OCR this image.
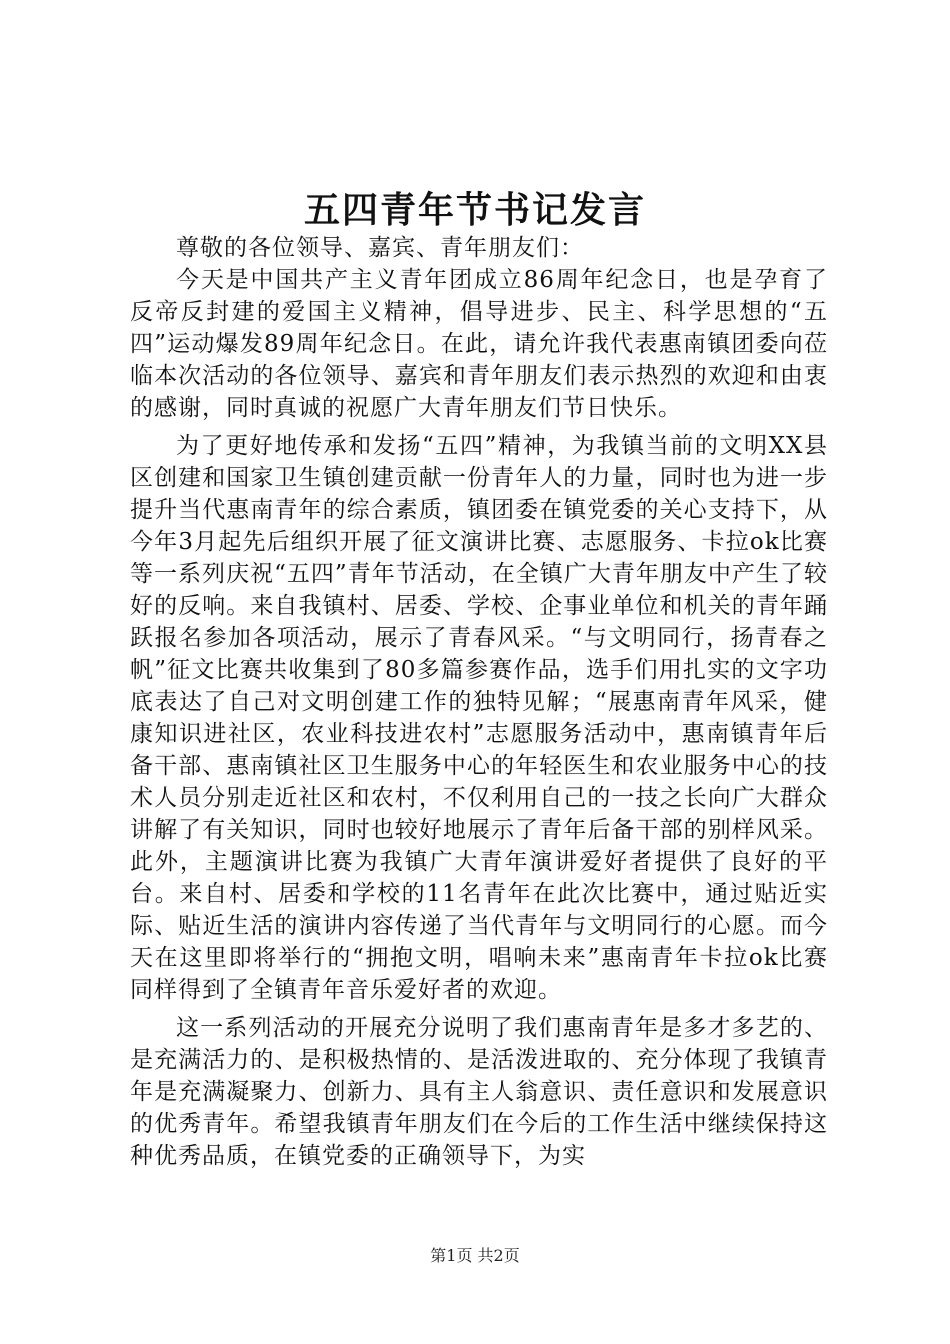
五四青年节书记发言

尊敬的各位领导、嘉宾、青年朋友们：

今天是中国共产主义青年团成立86周年纪念日，也是孕育了反帝反封建的爱国主义精神，倡导进步、民主、科学思想的“五四”运动爆发89周年纪念日。在此，请允许我代表惠南镇团委向莅临本次活动的各位领导、嘉宾和青年朋友们表示热烈的欢迎和由衷的感谢，同时真诚的祝愿广大青年朋友们节日快乐。

为了更好地传承和发扬“五四”精神，为我镇当前的文明XX县区创建和国家卫生镇创建贡献一份青年人的力量，同时也为进一步提升当代惠南青年的综合素质，镇团委在镇党委的关心支持下，从今年3月起先后组织开展了征文演讲比赛、志愿服务、卡拉ok比赛等一系列庆祝“五四”青年节活动，在全镇广大青年朋友中产生了较好的反响。来自我镇村、居委、学校、企事业单位和机关的青年踊跃报名参加各项活动，展示了青春风采。“与文明同行，扬青春之帆”征文比赛共收集到了80多篇参赛作品，选手们用扎实的文字功底表达了自己对文明创建工作的独特见解；“展惠南青年风采，健康知识进社区，农业科技进农村”志愿服务活动中，惠南镇青年后备干部、惠南镇社区卫生服务中心的年轻医生和农业服务中心的技术人员分别走近社区和农村，不仅利用自己的一技之长向广大群众讲解了有关知识，同时也较好地展示了青年后备干部的别样风采。此外，主题演讲比赛为我镇广大青年演讲爱好者提供了良好的平台。来自村、居委和学校的11名青年在此次比赛中，通过贴近实际、贴近生活的演讲内容传递了当代青年与文明同行的心愿。而今天在这里即将举行的“拥抱文明，唱响未来”惠南青年卡拉ok比赛同样得到了全镇青年音乐爱好者的欢迎。

这一系列活动的开展充分说明了我们惠南青年是多才多艺的、是充满活力的、是积极热情的、是活泼进取的、充分体现了我镇青年是充满凝聚力、创新力、具有主人翁意识、责任意识和发展意识的优秀青年。希望我镇青年朋友们在今后的工作生活中继续保持这种优秀品质，在镇党委的正确领导下，为实

第1页 共2页
